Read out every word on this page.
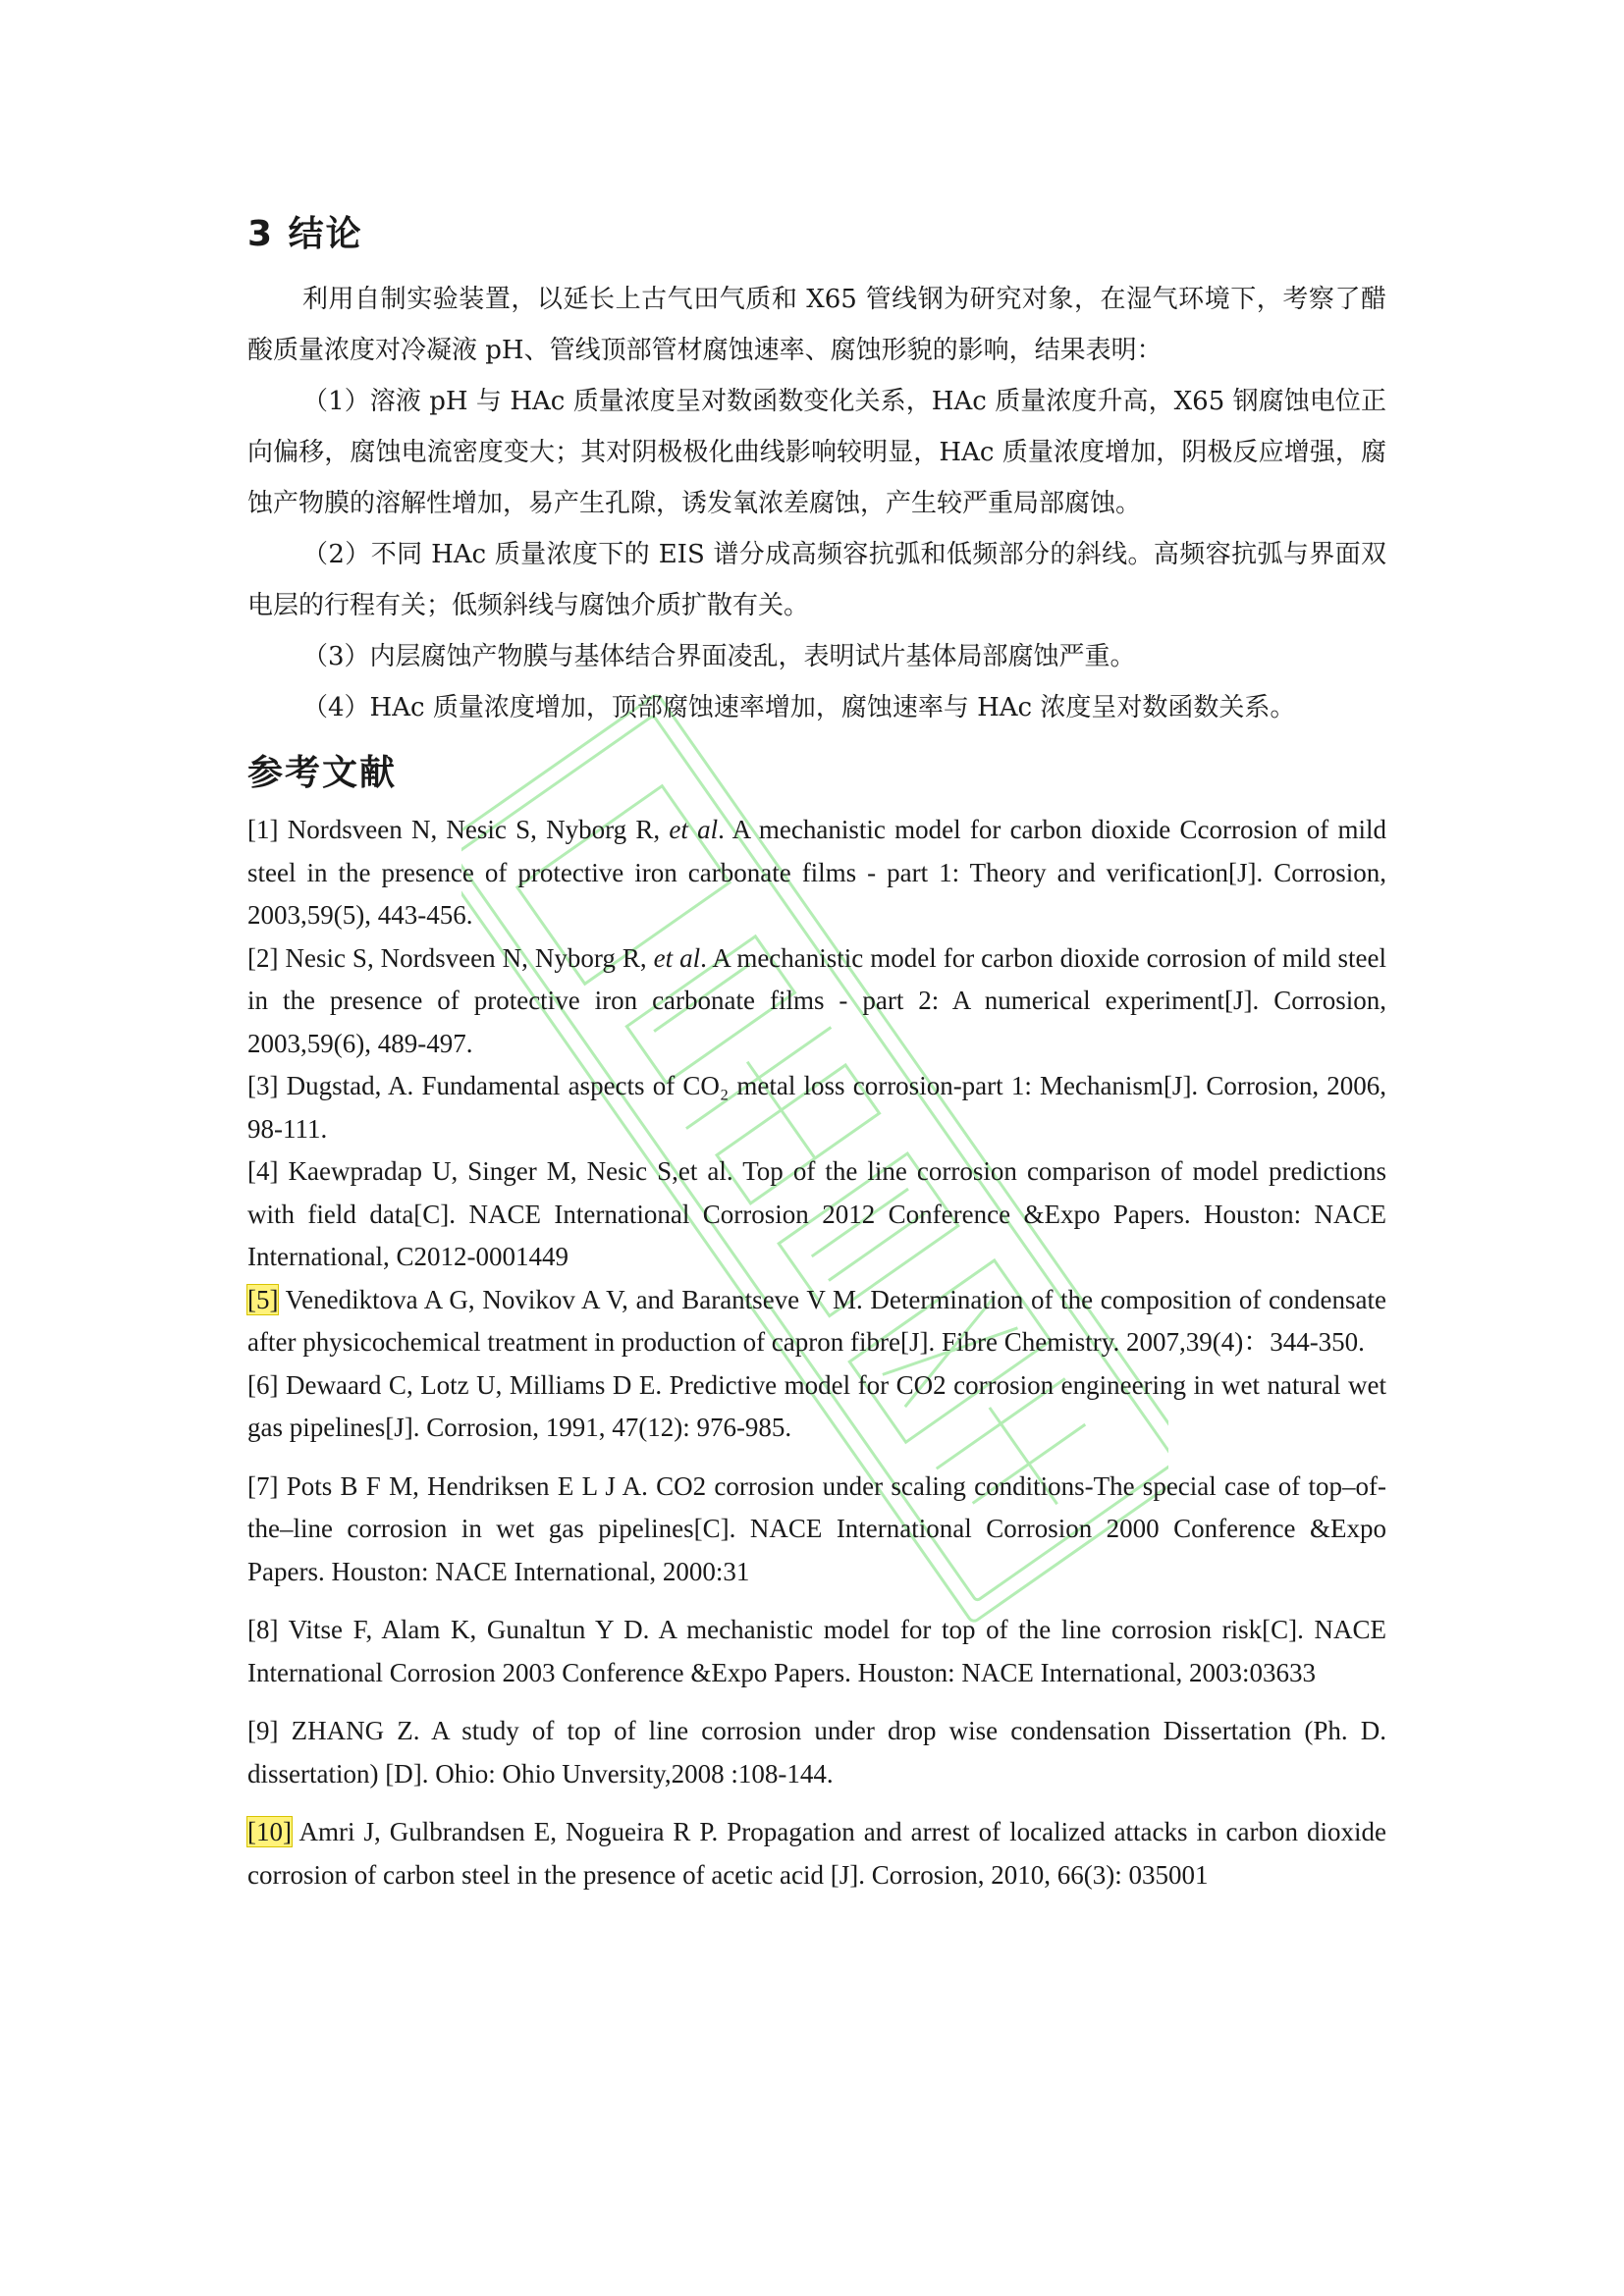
3 结论

利用自制实验装置，以延长上古气田气质和 X65 管线钢为研究对象，在湿气环境下，考察了醋酸质量浓度对冷凝液 pH、管线顶部管材腐蚀速率、腐蚀形貌的影响，结果表明：

（1）溶液 pH 与 HAc 质量浓度呈对数函数变化关系，HAc 质量浓度升高，X65 钢腐蚀电位正向偏移，腐蚀电流密度变大；其对阴极极化曲线影响较明显，HAc 质量浓度增加，阴极反应增强，腐蚀产物膜的溶解性增加，易产生孔隙，诱发氧浓差腐蚀，产生较严重局部腐蚀。

（2）不同 HAc 质量浓度下的 EIS 谱分成高频容抗弧和低频部分的斜线。高频容抗弧与界面双电层的行程有关；低频斜线与腐蚀介质扩散有关。

（3）内层腐蚀产物膜与基体结合界面凌乱，表明试片基体局部腐蚀严重。

（4）HAc 质量浓度增加，顶部腐蚀速率增加，腐蚀速率与 HAc 浓度呈对数函数关系。

参考文献

[1] Nordsveen N, Nesic S, Nyborg R, et al. A mechanistic model for carbon dioxide Ccorrosion of mild steel in the presence of protective iron carbonate films - part 1: Theory and verification[J]. Corrosion, 2003,59(5), 443-456.

[2] Nesic S, Nordsveen N, Nyborg R, et al. A mechanistic model for carbon dioxide corrosion of mild steel in the presence of protective iron carbonate films - part 2: A numerical experiment[J]. Corrosion, 2003,59(6), 489-497.

[3] Dugstad, A. Fundamental aspects of CO₂ metal loss corrosion-part 1: Mechanism[J]. Corrosion, 2006, 98-111.

[4] Kaewpradap U, Singer M, Nesic S,et al. Top of the line corrosion comparison of model predictions with field data[C]. NACE International Corrosion 2012 Conference &Expo Papers. Houston: NACE International, C2012-0001449

[5] Venediktova A G, Novikov A V, and Barantseve V M. Determination of the composition of condensate after physicochemical treatment in production of capron fibre[J]. Fibre Chemistry. 2007,39(4)：344-350.

[6] Dewaard C, Lotz U, Milliams D E. Predictive model for CO2 corrosion engineering in wet natural wet gas pipelines[J]. Corrosion, 1991, 47(12): 976-985.

[7] Pots B F M, Hendriksen E L J A. CO2 corrosion under scaling conditions-The special case of top–of-the–line corrosion in wet gas pipelines[C]. NACE International Corrosion 2000 Conference &Expo Papers. Houston: NACE International, 2000:31

[8] Vitse F, Alam K, Gunaltun Y D. A mechanistic model for top of the line corrosion risk[C]. NACE International Corrosion 2003 Conference &Expo Papers. Houston: NACE International, 2003:03633

[9] ZHANG Z. A study of top of line corrosion under drop wise condensation Dissertation (Ph. D. dissertation) [D]. Ohio: Ohio Unversity,2008 :108-144.

[10] Amri J, Gulbrandsen E, Nogueira R P. Propagation and arrest of localized attacks in carbon dioxide corrosion of carbon steel in the presence of acetic acid [J]. Corrosion, 2010, 66(3): 035001
